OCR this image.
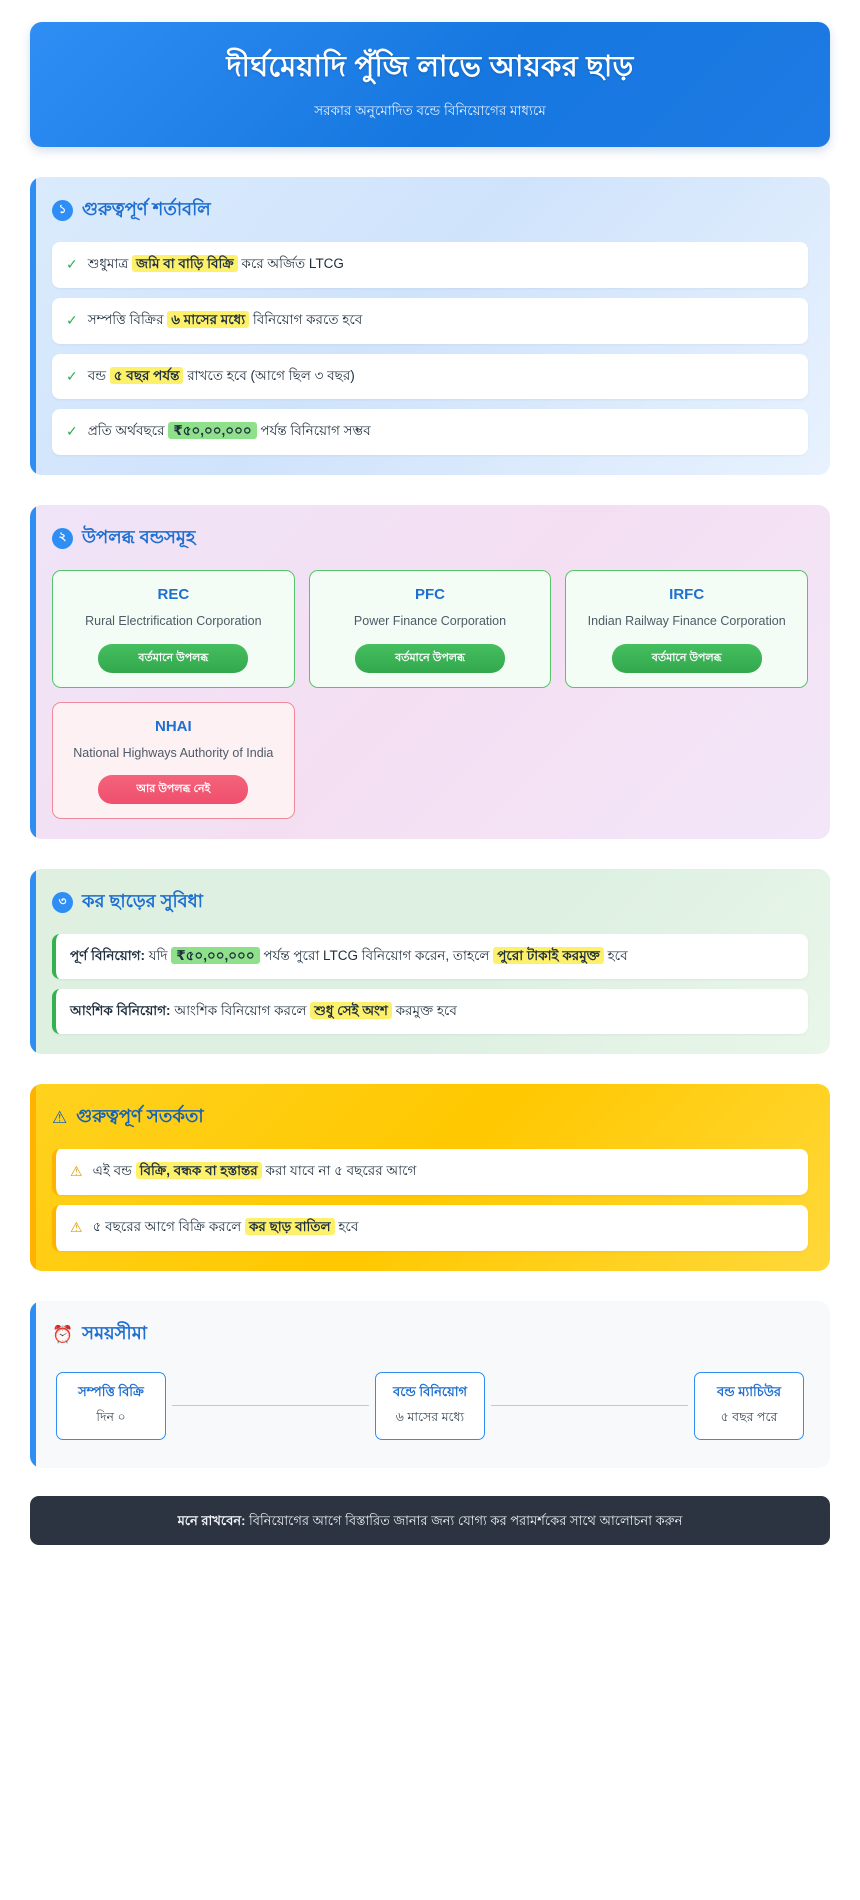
দীর্ঘমেয়াদি পুঁজি লাভে আয়কর ছাড়

সরকার অনুমোদিত বন্ডে বিনিয়োগের মাধ্যমে

১ গুরুত্বপূর্ণ শর্তাবলি
✓ শুধুমাত্র জমি বা বাড়ি বিক্রি করে অর্জিত LTCG
✓ সম্পত্তি বিক্রির ৬ মাসের মধ্যে বিনিয়োগ করতে হবে
✓ বন্ড ৫ বছর পর্যন্ত রাখতে হবে (আগে ছিল ৩ বছর)
✓ প্রতি অর্থবছরে ₹৫০,০০,০০০ পর্যন্ত বিনিয়োগ সম্ভব
২ উপলব্ধ বন্ডসমূহ
REC
Rural Electrification Corporation
বর্তমানে উপলব্ধ
PFC
Power Finance Corporation
বর্তমানে উপলব্ধ
IRFC
Indian Railway Finance Corporation
বর্তমানে উপলব্ধ
NHAI
National Highways Authority of India
আর উপলব্ধ নেই
৩ কর ছাড়ের সুবিধা
পূর্ণ বিনিয়োগ: যদি ₹৫০,০০,০০০ পর্যন্ত পুরো LTCG বিনিয়োগ করেন, তাহলে পুরো টাকাই করমুক্ত হবে
আংশিক বিনিয়োগ: আংশিক বিনিয়োগ করলে শুধু সেই অংশ করমুক্ত হবে
⚠ গুরুত্বপূর্ণ সতর্কতা
⚠ এই বন্ড বিক্রি, বন্ধক বা হস্তান্তর করা যাবে না ৫ বছরের আগে
⚠ ৫ বছরের আগে বিক্রি করলে কর ছাড় বাতিল হবে
⏰ সময়সীমা
সম্পত্তি বিক্রি
দিন ০
বন্ডে বিনিয়োগ
৬ মাসের মধ্যে
বন্ড ম্যাচিউর
৫ বছর পরে
মনে রাখবেন: বিনিয়োগের আগে বিস্তারিত জানার জন্য যোগ্য কর পরামর্শকের সাথে আলোচনা করুন
